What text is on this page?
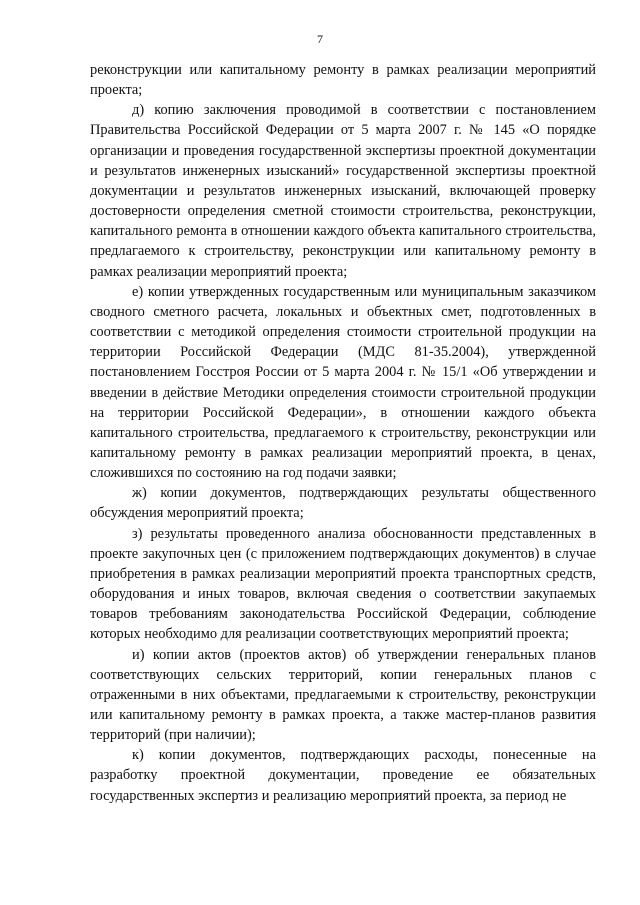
7

реконструкции или капитальному ремонту в рамках реализации мероприятий проекта;

д) копию заключения проводимой в соответствии с постановлением Правительства Российской Федерации от 5 марта 2007 г. № 145 «О порядке организации и проведения государственной экспертизы проектной документации и результатов инженерных изысканий» государственной экспертизы проектной документации и результатов инженерных изысканий, включающей проверку достоверности определения сметной стоимости строительства, реконструкции, капитального ремонта в отношении каждого объекта капитального строительства, предлагаемого к строительству, реконструкции или капитальному ремонту в рамках реализации мероприятий проекта;

е) копии утвержденных государственным или муниципальным заказчиком сводного сметного расчета, локальных и объектных смет, подготовленных в соответствии с методикой определения стоимости строительной продукции на территории Российской Федерации (МДС 81-35.2004), утвержденной постановлением Госстроя России от 5 марта 2004 г. № 15/1 «Об утверждении и введении в действие Методики определения стоимости строительной продукции на территории Российской Федерации», в отношении каждого объекта капитального строительства, предлагаемого к строительству, реконструкции или капитальному ремонту в рамках реализации мероприятий проекта, в ценах, сложившихся по состоянию на год подачи заявки;

ж) копии документов, подтверждающих результаты общественного обсуждения мероприятий проекта;

з) результаты проведенного анализа обоснованности представленных в проекте закупочных цен (с приложением подтверждающих документов) в случае приобретения в рамках реализации мероприятий проекта транспортных средств, оборудования и иных товаров, включая сведения о соответствии закупаемых товаров требованиям законодательства Российской Федерации, соблюдение которых необходимо для реализации соответствующих мероприятий проекта;

и) копии актов (проектов актов) об утверждении генеральных планов соответствующих сельских территорий, копии генеральных планов с отраженными в них объектами, предлагаемыми к строительству, реконструкции или капитальному ремонту в рамках проекта, а также мастер-планов развития территорий (при наличии);

к) копии документов, подтверждающих расходы, понесенные на разработку проектной документации, проведение ее обязательных государственных экспертиз и реализацию мероприятий проекта, за период не
